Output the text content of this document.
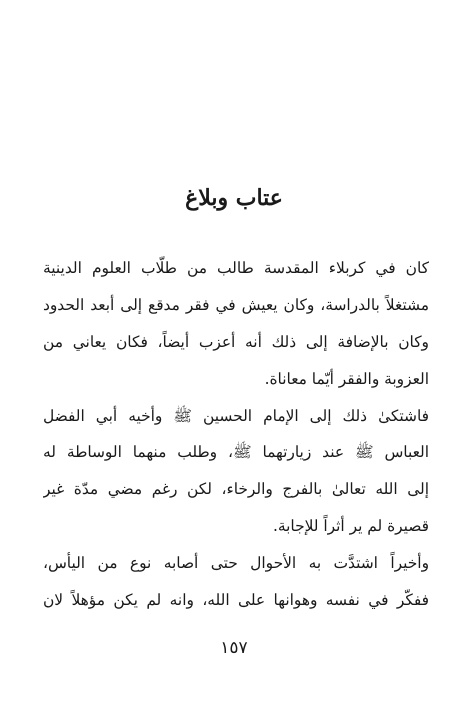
عتاب وبلاغ
كان في كربلاء المقدسة طالب من طلّاب العلوم الدينية
مشتغلاً بالدراسة، وكان يعيش في فقر مدقع إلى أبعد الحدود
وكان بالإضافة إلى ذلك أنه أعزب أيضاً، فكان يعاني من
العزوبة والفقر أيّما معاناة.
فاشتكىٰ ذلك إلى الإمام الحسين ﷺ وأخيه أبي الفضل
العباس ﷺ عند زيارتهما ﷺ، وطلب منهما الوساطة له
إلى الله تعالىٰ بالفرج والرخاء، لكن رغم مضي مدّة غير
قصيرة لم ير أثراً للإجابة.
وأخيراً اشتدَّت به الأحوال حتى أصابه نوع من اليأس،
ففكّر في نفسه وهوانها على الله، وانه لم يكن مؤهلاً لان
١٥٧
